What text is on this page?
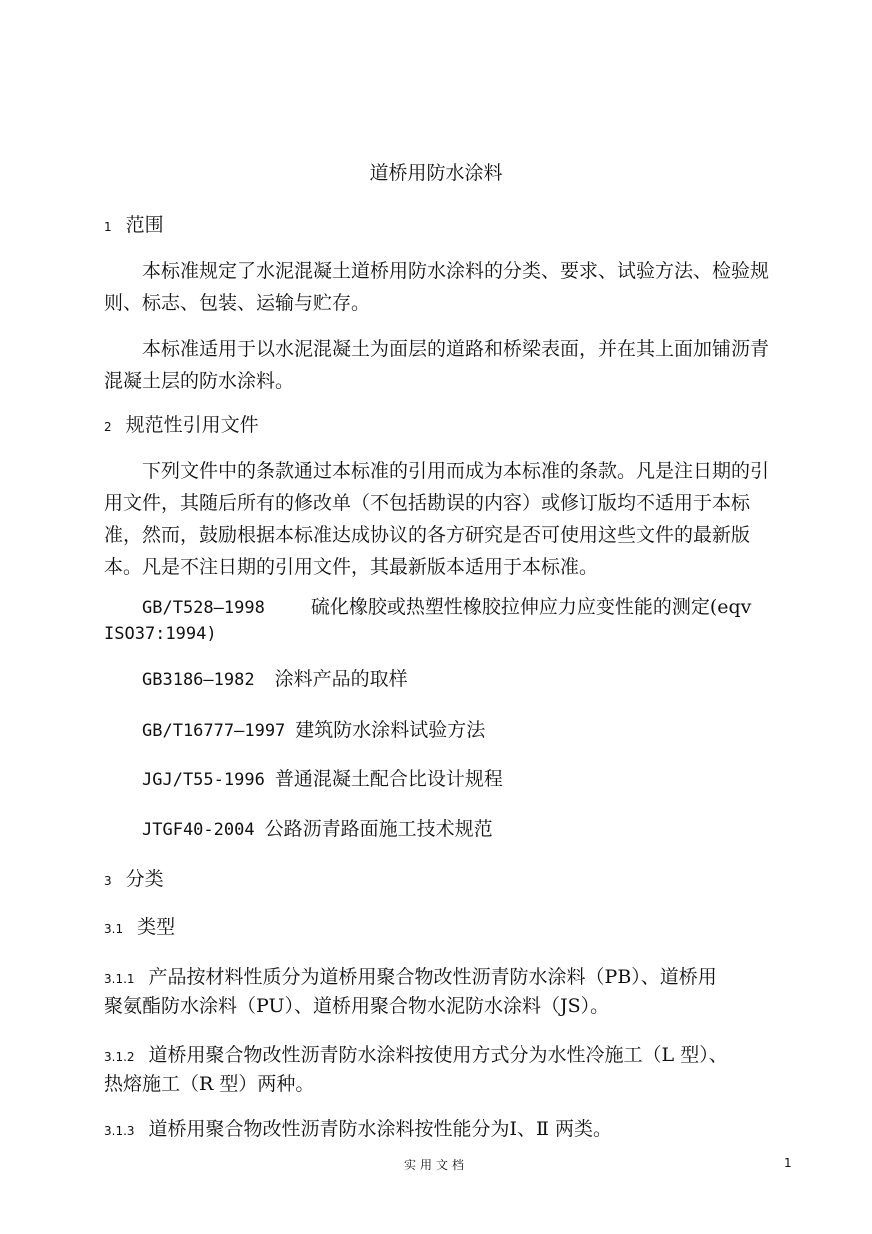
道桥用防水涂料
1 范围
本标准规定了水泥混凝土道桥用防水涂料的分类、要求、试验方法、检验规则、标志、包装、运输与贮存。
本标准适用于以水泥混凝土为面层的道路和桥梁表面，并在其上面加铺沥青混凝土层的防水涂料。
2 规范性引用文件
下列文件中的条款通过本标准的引用而成为本标准的条款。凡是注日期的引用文件，其随后所有的修改单（不包括勘误的内容）或修订版均不适用于本标准，然而，鼓励根据本标准达成协议的各方研究是否可使用这些文件的最新版本。凡是不注日期的引用文件，其最新版本适用于本标准。
GB/T528—1998 硫化橡胶或热塑性橡胶拉伸应力应变性能的测定(eqv
ISO37:1994)
GB3186—1982 涂料产品的取样
GB/T16777—1997 建筑防水涂料试验方法
JGJ/T55-1996 普通混凝土配合比设计规程
JTGF40-2004 公路沥青路面施工技术规范
3 分类
3.1 类型
3.1.1 产品按材料性质分为道桥用聚合物改性沥青防水涂料（PB）、道桥用
聚氨酯防水涂料（PU）、道桥用聚合物水泥防水涂料（JS）。
3.1.2 道桥用聚合物改性沥青防水涂料按使用方式分为水性冷施工（L 型）、
热熔施工（R 型）两种。
3.1.3 道桥用聚合物改性沥青防水涂料按性能分为Ⅰ、Ⅱ 两类。
实用文档	1
